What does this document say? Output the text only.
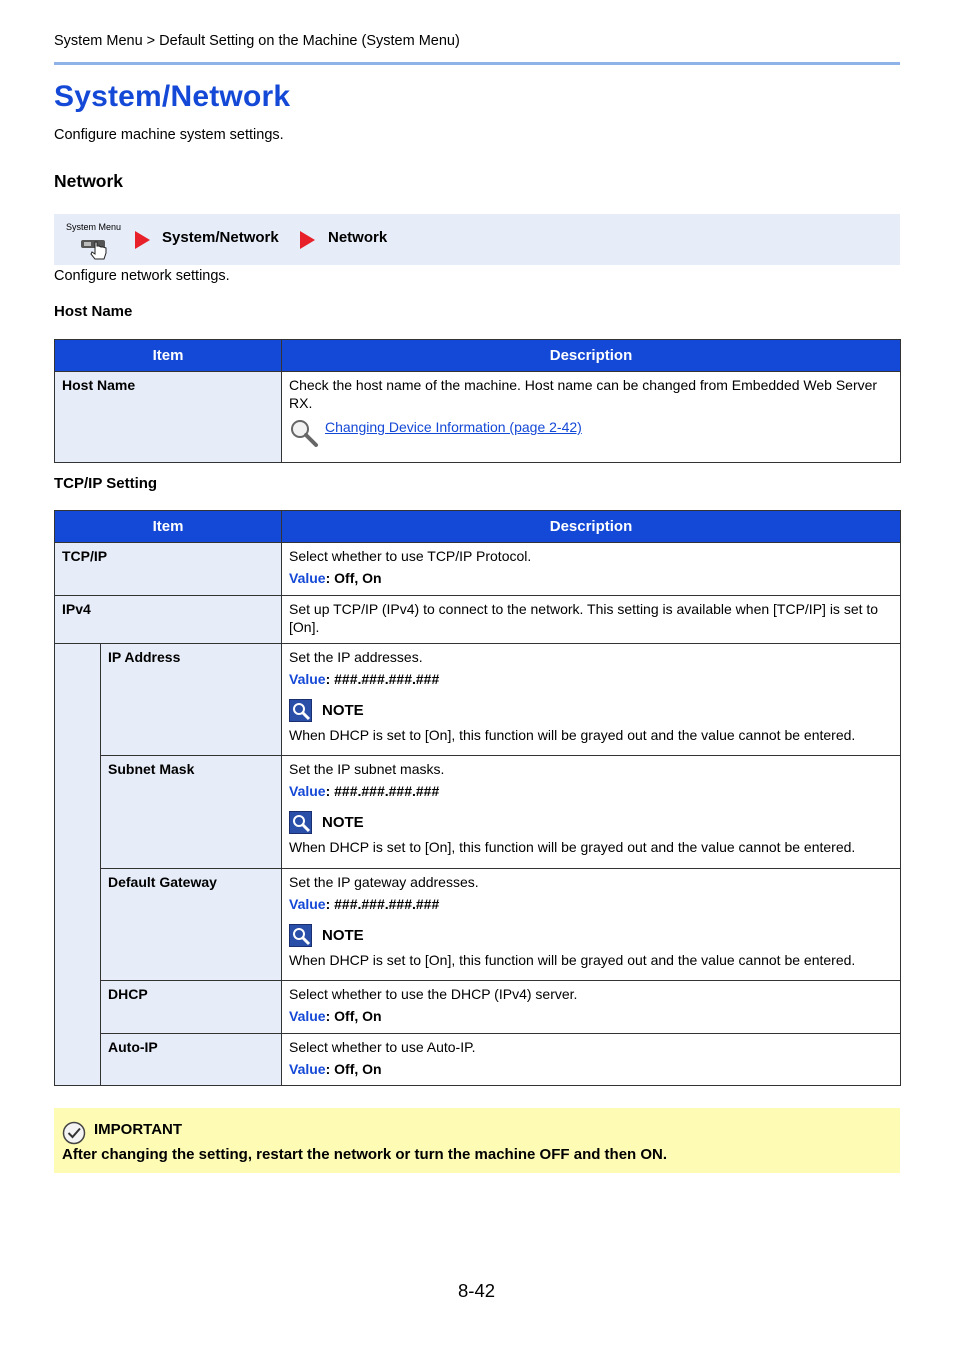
System Menu > Default Setting on the Machine (System Menu)
System/Network
Configure machine system settings.
Network
System Menu
System/Network	Network
Configure network settings.
Host Name
Item	Description
Host Name	Check the host name of the machine. Host name can be changed from Embedded Web Server RX.
Changing Device Information (page 2-42)
TCP/IP Setting
Item		Description
TCP/IP		Select whether to use TCP/IP Protocol.
Value: Off, On

IPv4		Set up TCP/IP (IPv4) to connect to the network. This setting is available when [TCP/IP] is set to [On].
	IP Address	Set the IP addresses.
Value: ###.###.###.###
NOTE
When DHCP is set to [On], this function will be grayed out and the value cannot be entered.

	Subnet Mask	Set the IP subnet masks.
Value: ###.###.###.###
NOTE
When DHCP is set to [On], this function will be grayed out and the value cannot be entered.

	Default Gateway	Set the IP gateway addresses.
Value: ###.###.###.###
NOTE
When DHCP is set to [On], this function will be grayed out and the value cannot be entered.

	DHCP	Select whether to use the DHCP (IPv4) server.
Value: Off, On

	Auto-IP	Select whether to use Auto-IP.
Value: Off, On
IMPORTANT
After changing the setting, restart the network or turn the machine OFF and then ON.
8-42
